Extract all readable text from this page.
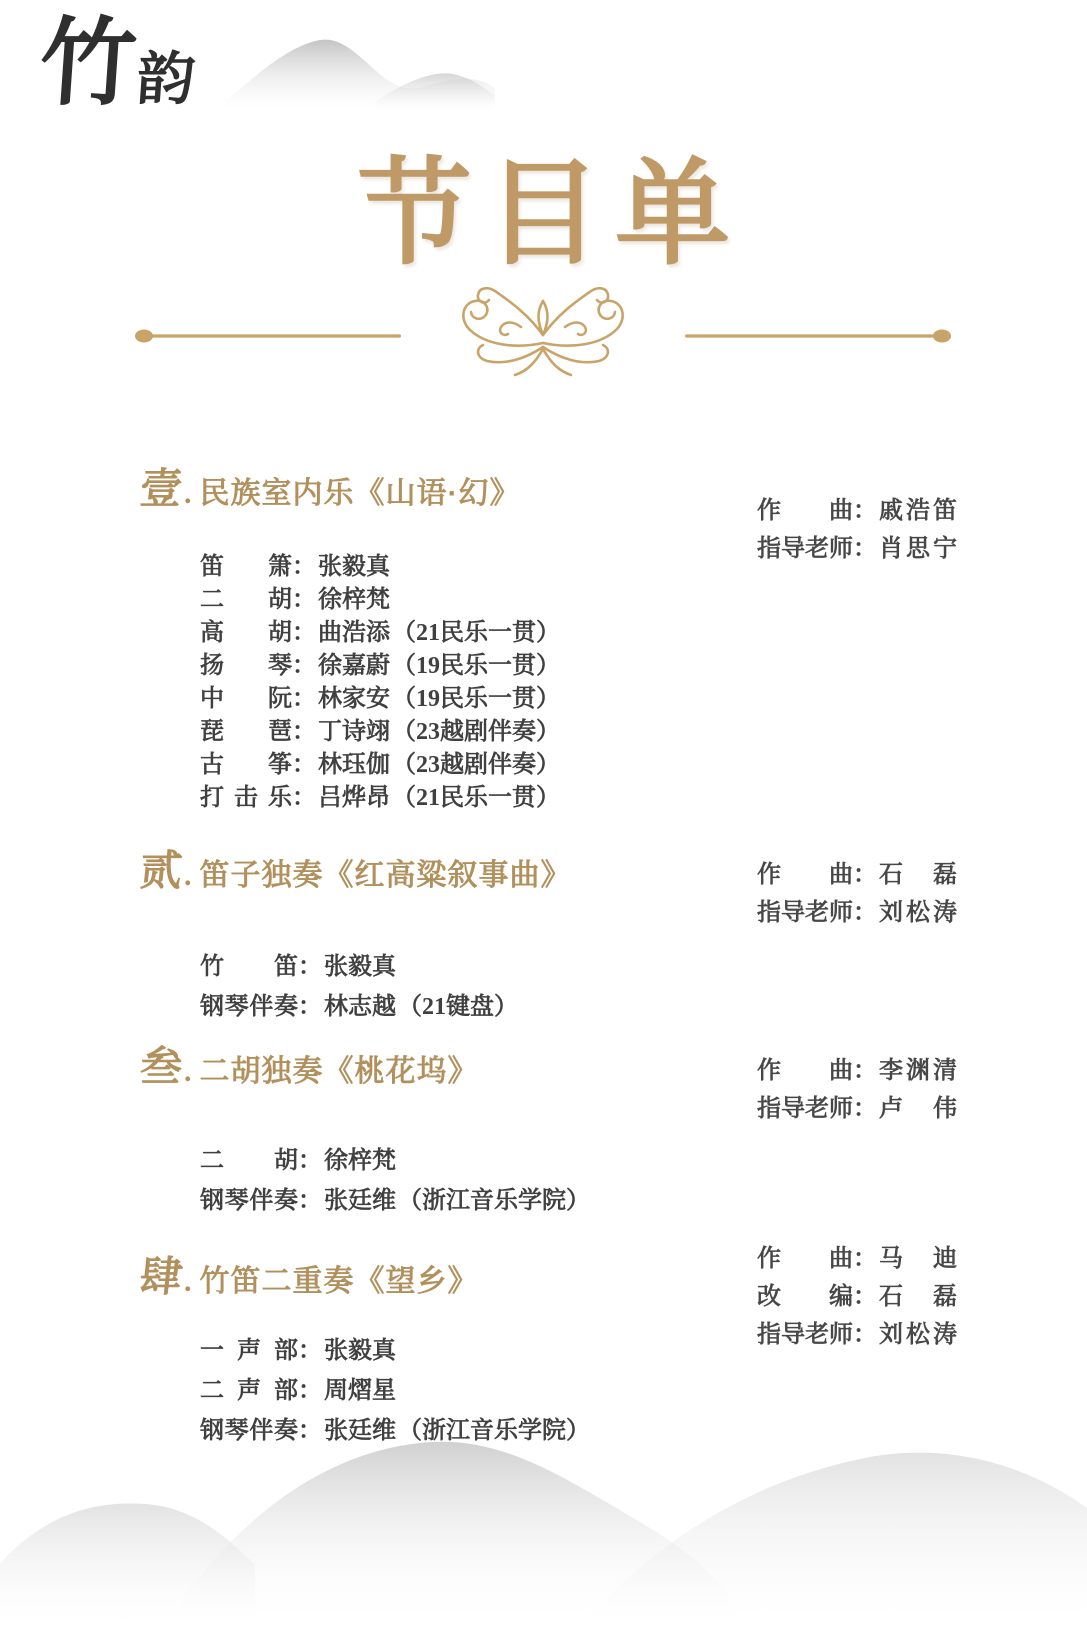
竹
韵
节目单
壹. 民族室内乐《山语·幻》
作曲：戚浩笛
指导老师：肖思宁
笛箫：张毅真
二胡：徐梓梵
高胡：曲浩添（21民乐一贯）
扬琴：徐嘉蔚（19民乐一贯）
中阮：林家安（19民乐一贯）
琵琶：丁诗翊（23越剧伴奏）
古筝：林珏伽（23越剧伴奏）
打击乐：吕烨昂（21民乐一贯）
贰. 笛子独奏《红高粱叙事曲》	作曲：石磊
指导老师：刘松涛
竹笛：张毅真
钢琴伴奏：林志越（21键盘）
叁. 二胡独奏《桃花坞》	作曲：李渊清
指导老师：卢伟
二胡：徐梓梵
钢琴伴奏：张廷维（浙江音乐学院）
肆. 竹笛二重奏《望乡》
作曲：马迪
改编：石磊
指导老师：刘松涛
一声部：张毅真
二声部：周熠星
钢琴伴奏：张廷维（浙江音乐学院）
